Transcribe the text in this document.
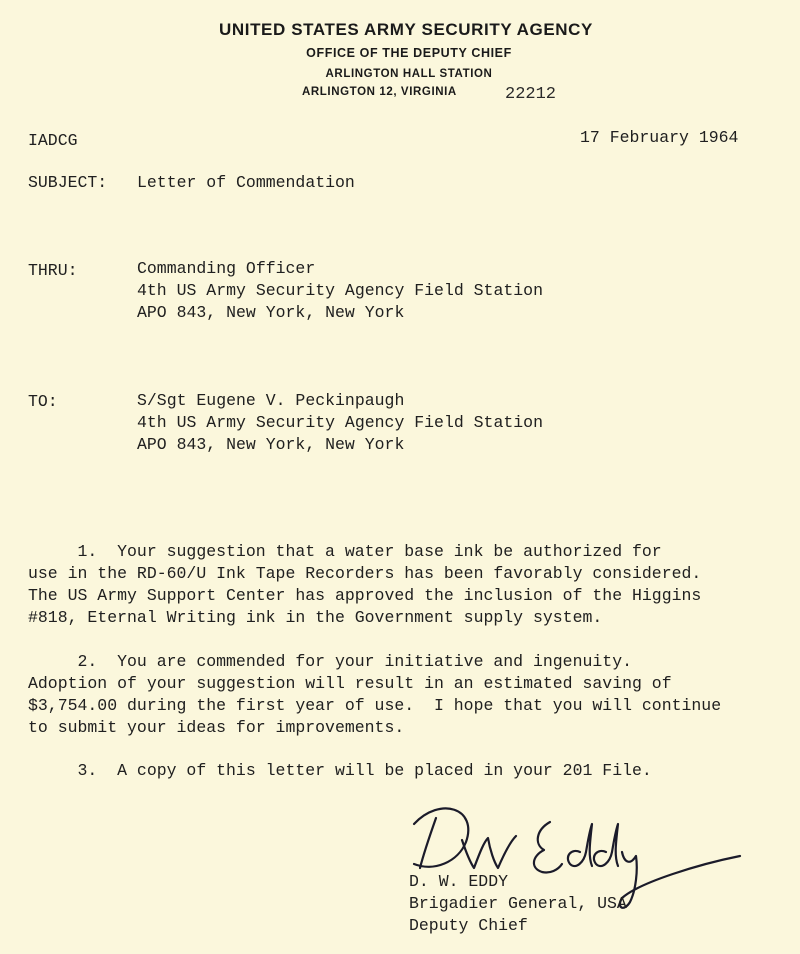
UNITED STATES ARMY SECURITY AGENCY
OFFICE OF THE DEPUTY CHIEF
ARLINGTON HALL STATION
ARLINGTON 12, VIRGINIA	22212
IADCG	17 February 1964
SUBJECT: Letter of Commendation
THRU:	Commanding Officer
4th US Army Security Agency Field Station
APO 843, New York, New York
TO:	S/Sgt Eugene V. Peckinpaugh
4th US Army Security Agency Field Station
APO 843, New York, New York
1.  Your suggestion that a water base ink be authorized for
use in the RD-60/U Ink Tape Recorders has been favorably considered.
The US Army Support Center has approved the inclusion of the Higgins
#818, Eternal Writing ink in the Government supply system.
2.  You are commended for your initiative and ingenuity.
Adoption of your suggestion will result in an estimated saving of
$3,754.00 during the first year of use.  I hope that you will continue
to submit your ideas for improvements.
3.  A copy of this letter will be placed in your 201 File.
D. W. EDDY
Brigadier General, USA
Deputy Chief
